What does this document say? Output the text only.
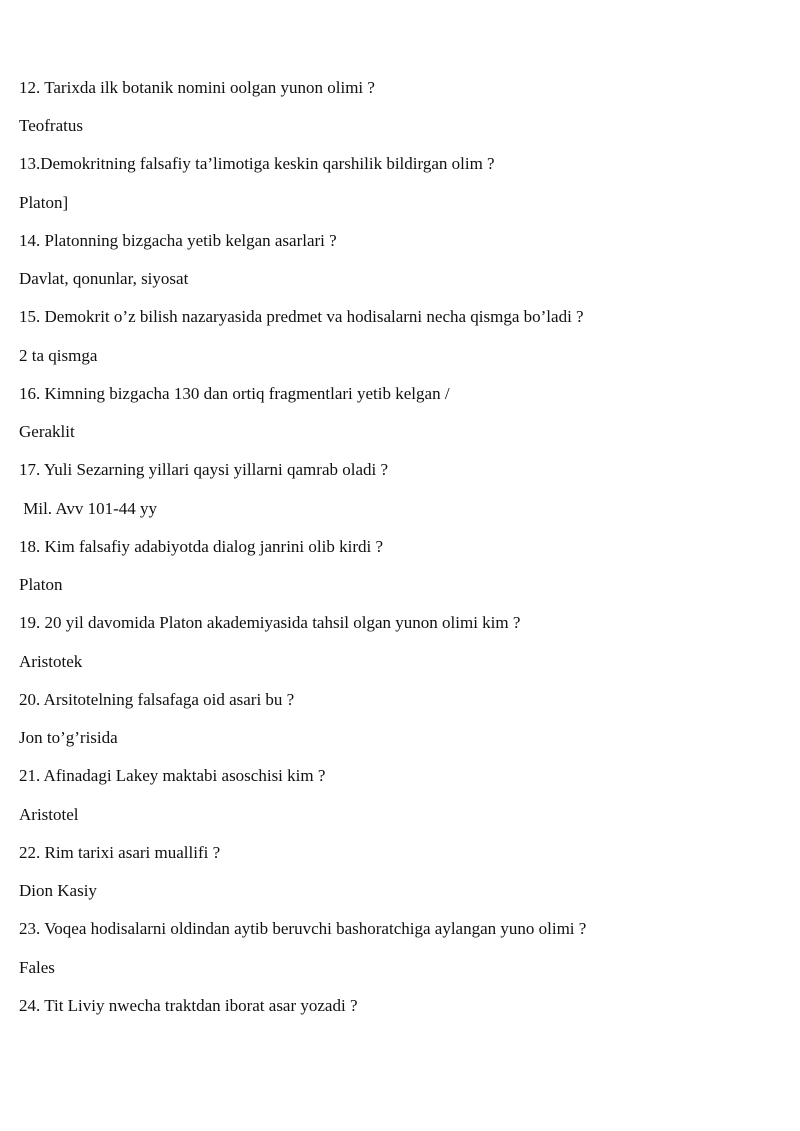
12. Tarixda ilk botanik nomini oolgan yunon olimi ?
Teofratus
13.Demokritning falsafiy ta’limotiga keskin qarshilik bildirgan olim ?
Platon]
14. Platonning bizgacha yetib kelgan asarlari ?
Davlat, qonunlar, siyosat
15. Demokrit o’z bilish nazaryasida predmet va hodisalarni necha qismga bo’ladi ?
2 ta qismga
16. Kimning bizgacha 130 dan ortiq fragmentlari yetib kelgan /
Geraklit
17. Yuli Sezarning yillari qaysi yillarni qamrab oladi ?
Mil. Avv 101-44 yy
18. Kim falsafiy adabiyotda dialog janrini olib kirdi ?
Platon
19. 20 yil davomida Platon akademiyasida tahsil olgan yunon olimi kim ?
Aristotek
20. Arsitotelning falsafaga oid asari bu ?
Jon to’g’risida
21. Afinadagi Lakey maktabi asoschisi kim ?
Aristotel
22. Rim tarixi asari muallifi ?
Dion Kasiy
23. Voqea hodisalarni oldindan aytib beruvchi bashoratchiga aylangan yuno olimi ?
Fales
24. Tit Liviy nwecha traktdan iborat asar yozadi ?
